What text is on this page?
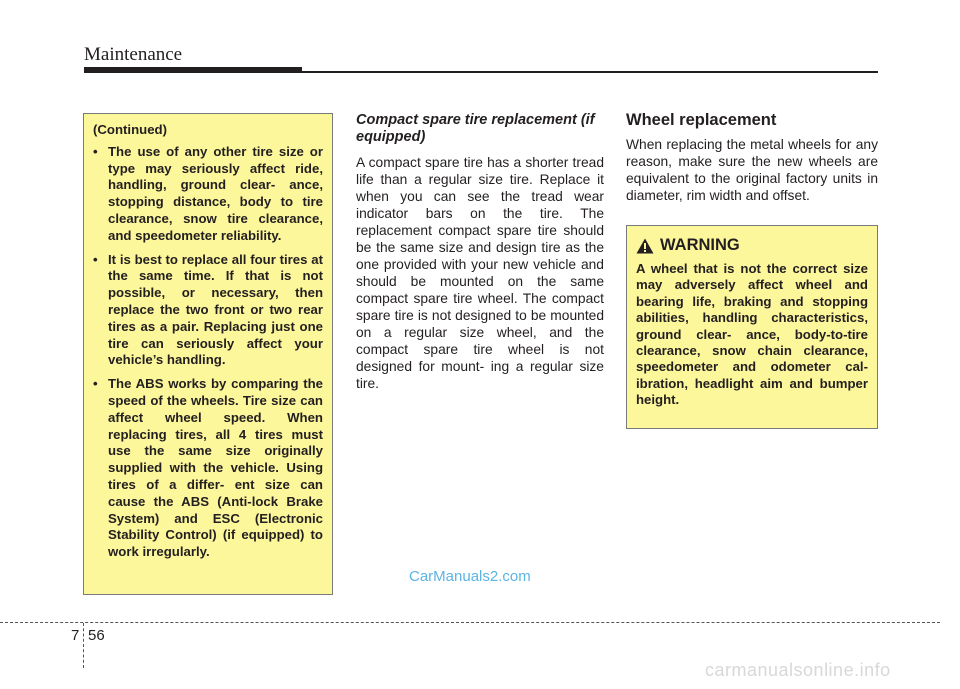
Maintenance

(Continued)

• The use of any other tire size or type may seriously affect ride, handling, ground clear- ance, stopping distance, body to tire clearance, snow tire clearance, and speedometer reliability.
• It is best to replace all four tires at the same time. If that is not possible, or necessary, then replace the two front or two rear tires as a pair. Replacing just one tire can seriously affect your vehicle’s handling.
• The ABS works by comparing the speed of the wheels. Tire size can affect wheel speed. When replacing tires, all 4 tires must use the same size originally supplied with the vehicle. Using tires of a differ- ent size can cause the ABS (Anti-lock Brake System) and ESC (Electronic Stability Control) (if equipped) to work irregularly.

Compact spare tire replacement (if equipped)

A compact spare tire has a shorter tread life than a regular size tire. Replace it when you can see the tread wear indicator bars on the tire. The replacement compact spare tire should be the same size and design tire as the one provided with your new vehicle and should be mounted on the same compact spare tire wheel. The compact spare tire is not designed to be mounted on a regular size wheel, and the compact spare tire wheel is not designed for mount- ing a regular size tire.

Wheel replacement

When replacing the metal wheels for any reason, make sure the new wheels are equivalent to the original factory units in diameter, rim width and offset.

WARNING

A wheel that is not the correct size may adversely affect wheel and bearing life, braking and stopping abilities, handling characteristics, ground clear- ance, body-to-tire clearance, snow chain clearance, speedometer and odometer cal- ibration, headlight aim and bumper height.

CarManuals2.com
7 56
carmanualsonline.info
